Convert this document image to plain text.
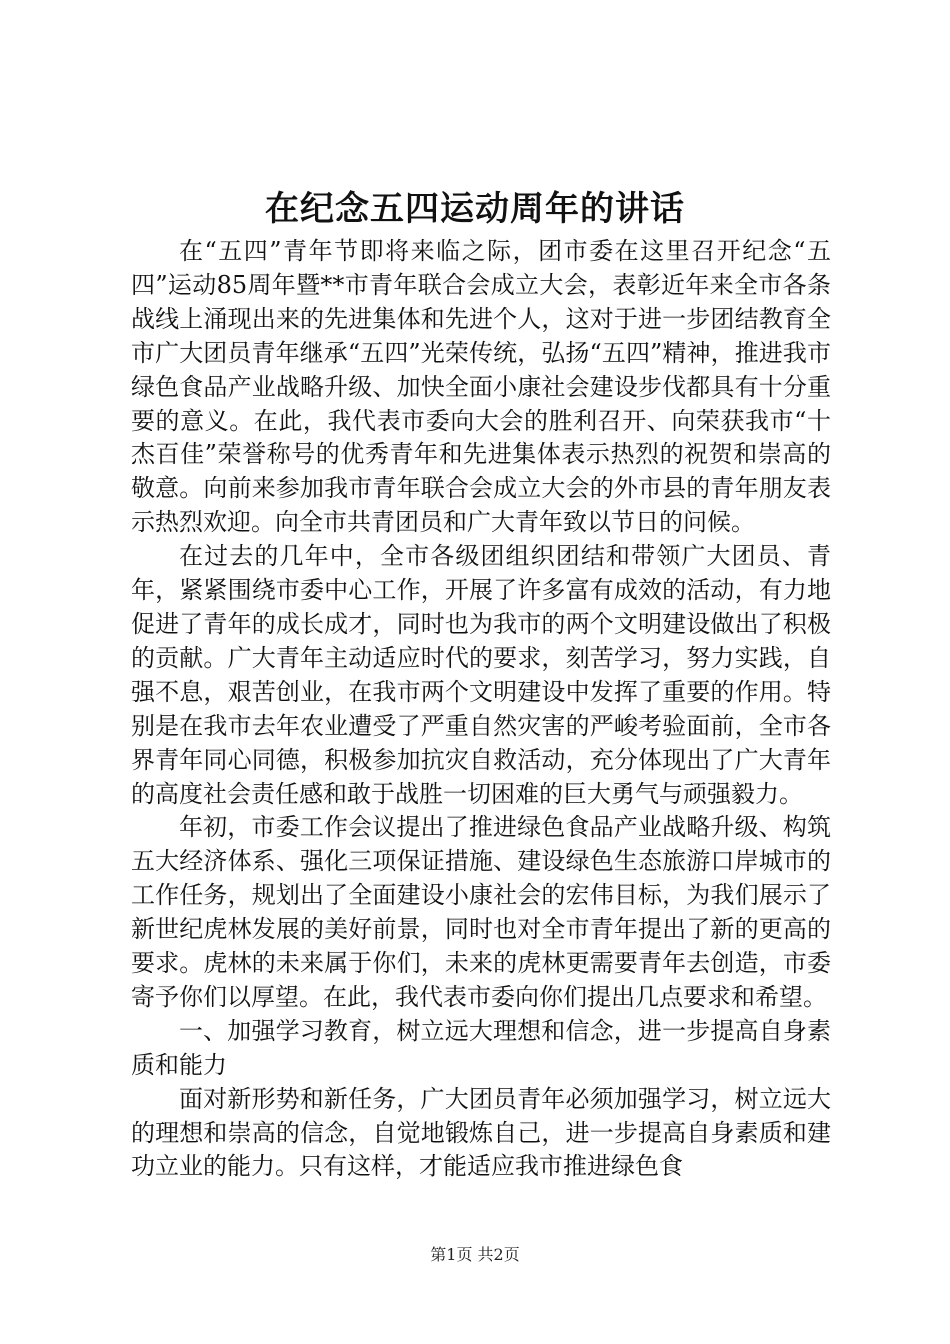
在纪念五四运动周年的讲话

在“五四”青年节即将来临之际，团市委在这里召开纪念“五四”运动85周年暨**市青年联合会成立大会，表彰近年来全市各条战线上涌现出来的先进集体和先进个人，这对于进一步团结教育全市广大团员青年继承“五四”光荣传统，弘扬“五四”精神，推进我市绿色食品产业战略升级、加快全面小康社会建设步伐都具有十分重要的意义。在此，我代表市委向大会的胜利召开、向荣获我市“十杰百佳”荣誉称号的优秀青年和先进集体表示热烈的祝贺和崇高的敬意。向前来参加我市青年联合会成立大会的外市县的青年朋友表示热烈欢迎。向全市共青团员和广大青年致以节日的问候。

在过去的几年中，全市各级团组织团结和带领广大团员、青年，紧紧围绕市委中心工作，开展了许多富有成效的活动，有力地促进了青年的成长成才，同时也为我市的两个文明建设做出了积极的贡献。广大青年主动适应时代的要求，刻苦学习，努力实践，自强不息，艰苦创业，在我市两个文明建设中发挥了重要的作用。特别是在我市去年农业遭受了严重自然灾害的严峻考验面前，全市各界青年同心同德，积极参加抗灾自救活动，充分体现出了广大青年的高度社会责任感和敢于战胜一切困难的巨大勇气与顽强毅力。

年初，市委工作会议提出了推进绿色食品产业战略升级、构筑五大经济体系、强化三项保证措施、建设绿色生态旅游口岸城市的工作任务，规划出了全面建设小康社会的宏伟目标，为我们展示了新世纪虎林发展的美好前景，同时也对全市青年提出了新的更高的要求。虎林的未来属于你们，未来的虎林更需要青年去创造，市委寄予你们以厚望。在此，我代表市委向你们提出几点要求和希望。

一、加强学习教育，树立远大理想和信念，进一步提高自身素质和能力

面对新形势和新任务，广大团员青年必须加强学习，树立远大的理想和崇高的信念，自觉地锻炼自己，进一步提高自身素质和建功立业的能力。只有这样，才能适应我市推进绿色食

第1页 共2页
